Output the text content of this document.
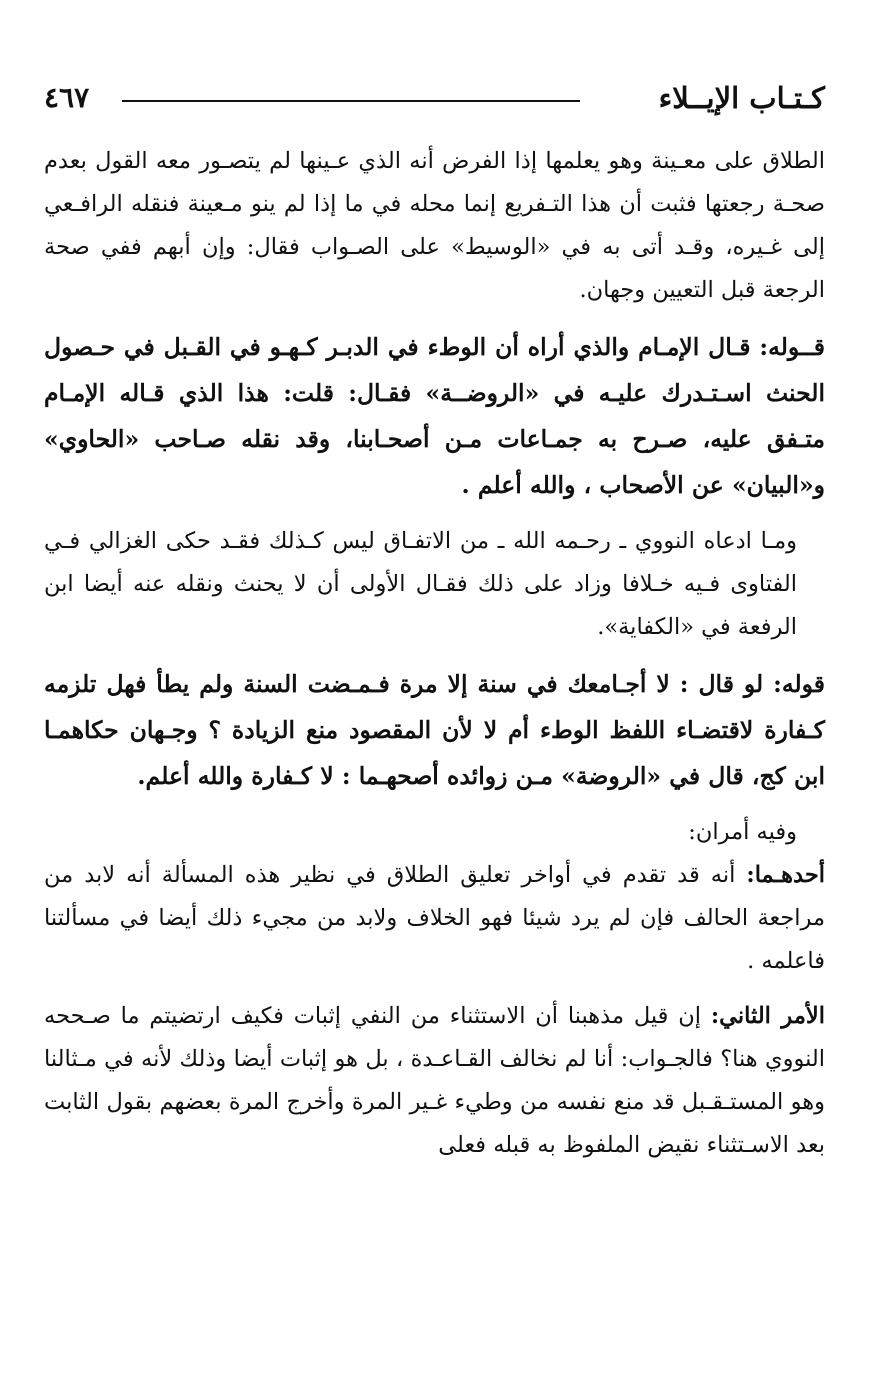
كـتـاب الإيــلاء
٤٦٧

الطلاق على معـينة وهو يعلمها إذا الفرض أنه الذي عـينها لم يتصـور معه القول بعدم صحـة رجعتها فثبت أن هذا التـفريع إنما محله في ما إذا لم ينو مـعينة فنقله الرافـعي إلى غـيره، وقـد أتى به في «الوسيط» على الصـواب فقال: وإن أبهم ففي صحة الرجعة قبل التعيين وجهان.

قــوله: قـال الإمـام والذي أراه أن الوطء في الدبـر كـهـو في القـبل في حـصول الحنث اسـتـدرك عليـه في «الروضــة» فقـال: قلت: هذا الذي قـاله الإمـام متـفق عليه، صـرح به جمـاعات مـن أصحـابنا، وقد نقله صـاحب «الحاوي» و«البيان» عن الأصحاب ، والله أعلم .

ومـا ادعاه النووي ـ رحـمه الله ـ من الاتفـاق ليس كـذلك فقـد حكى الغزالي فـي الفتاوى فـيه خـلافا وزاد على ذلك فقـال الأولى أن لا يحنث ونقله عنه أيضا ابن الرفعة في «الكفاية».

قوله: لو قال : لا أجـامعك في سنة إلا مرة فـمـضت السنة ولم يطأ فهل تلزمه كـفارة لاقتضـاء اللفظ الوطء أم لا لأن المقصود منع الزيادة ؟ وجـهان حكاهمـا ابن كج، قال في «الروضة» مـن زوائده أصحهـما : لا كـفارة والله أعلم.

وفيه أمران:

أحدهـما: أنه قد تقدم في أواخر تعليق الطلاق في نظير هذه المسألة أنه لابد من مراجعة الحالف فإن لم يرد شيئا فهو الخلاف ولابد من مجيء ذلك أيضا في مسألتنا فاعلمه .

الأمر الثاني: إن قيل مذهبنا أن الاستثناء من النفي إثبات فكيف ارتضيتم ما صـححه النووي هنا؟ فالجـواب: أنا لم نخالف القـاعـدة ، بل هو إثبات أيضا وذلك لأنه في مـثالنا وهو المستـقـبل قد منع نفسه من وطيء غـير المرة وأخرج المرة بعضهم بقول الثابت بعد الاسـتثناء نقيض الملفوظ به قبله فعلى
